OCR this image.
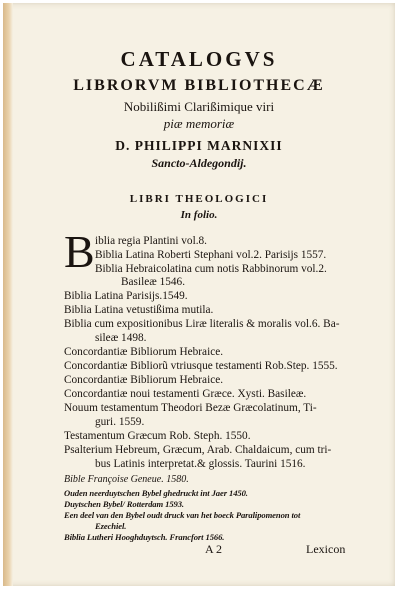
CATALOGVS
LIBRORVM BIBLIOTHECÆ

Nobilißimi Clarißimique viri

piæ memoriæ

D. PHILIPPI MARNIXII

Sancto-Aldegondij.

LIBRI THEOLOGICI

In folio.

B iblia regia Plantini vol.8.

Biblia Latina Roberti Stephani vol.2. Parisijs 1557.

Biblia Hebraicolatina cum notis Rabbinorum vol.2.

Basileæ 1546.

Biblia Latina Parisijs.1549.

Biblia Latina vetustißima mutila.

Biblia cum expositionibus Liræ literalis & moralis vol.6. Ba-

sileæ 1498.

Concordantiæ Bibliorum Hebraice.

Concordantiæ Bibliorũ vtriusque testamenti Rob.Step. 1555.

Concordantiæ Bibliorum Hebraice.

Concordantiæ noui testamenti Græce. Xysti. Basileæ.

Nouum testamentum Theodori Bezæ Græcolatinum, Ti-

guri. 1559.

Testamentum Græcum Rob. Steph. 1550.

Psalterium Hebreum, Græcum, Arab. Chaldaicum, cum tri-

bus Latinis interpretat.& glossis. Taurini 1516.

Bible Françoise Geneue. 1580.

Ouden neerduytschen Bybel ghedruckt int Jaer 1450.

Duytschen Bybel/ Rotterdam 1593.

Een deel van den Bybel oudt druck van het boeck Paralipomenon tot

Ezechiel.

Biblia Lutheri Hooghduytsch. Francfort 1566.

A 2	Lexicon
